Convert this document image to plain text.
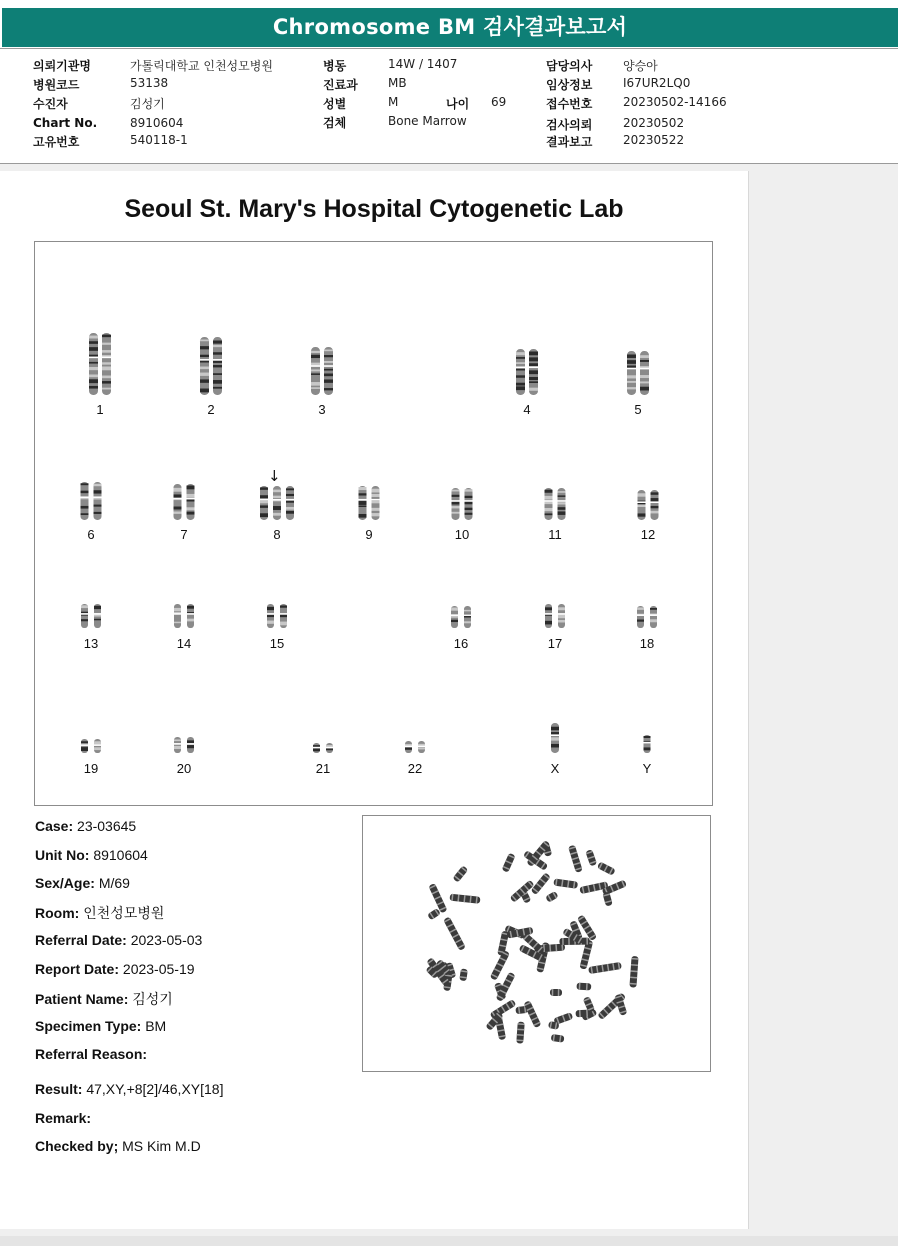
Chromosome BM 검사결과보고서
의뢰기관명	가톨릭대학교 인천성모병원
병원코드	53138
수진자	김성기
Chart No.	8910604
고유번호	540118-1
병동	14W / 1407
진료과	MB
성별	M	나이 69
검체	Bone Marrow
담당의사	양승아
임상정보	I67UR2LQ0
접수번호	20230502-14166
검사의뢰	20230502
결과보고	20230522
Seoul St. Mary's Hospital Cytogenetic Lab
↓
1	2	3	4	5
6	7	8	9	10	11	12
13	14	15	16	17	18
19	20	21	22	X	Y
Case: 23-03645
Unit No: 8910604
Sex/Age: M/69
Room: 인천성모병원
Referral Date: 2023-05-03
Report Date: 2023-05-19
Patient Name: 김성기
Specimen Type: BM
Referral Reason:
Result: 47,XY,+8[2]/46,XY[18]
Remark:
Checked by; MS Kim M.D
